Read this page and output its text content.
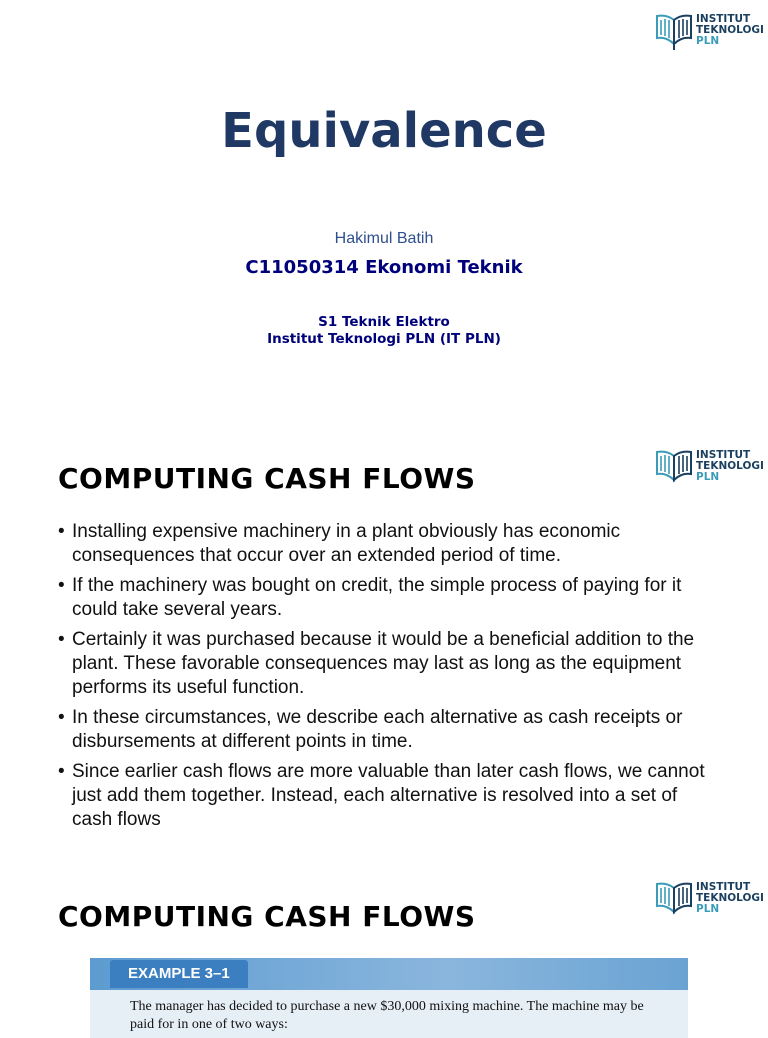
INSTITUT
TEKNOLOGI
PLN
Equivalence
Hakimul Batih
C11050314 Ekonomi Teknik
S1 Teknik Elektro
Institut Teknologi PLN (IT PLN)
INSTITUT
TEKNOLOGI
PLN
COMPUTING CASH FLOWS
• Installing expensive machinery in a plant obviously has economic consequences that occur over an extended period of time.
• If the machinery was bought on credit, the simple process of paying for it could take several years.
• Certainly it was purchased because it would be a beneficial addition to the plant. These favorable consequences may last as long as the equipment performs its useful function.
• In these circumstances, we describe each alternative as cash receipts or disbursements at different points in time.
• Since earlier cash flows are more valuable than later cash flows, we cannot just add them together. Instead, each alternative is resolved into a set of cash flows
INSTITUT
TEKNOLOGI
PLN
COMPUTING CASH FLOWS
EXAMPLE 3–1
The manager has decided to purchase a new $30,000 mixing machine. The machine may be paid for in one of two ways:
